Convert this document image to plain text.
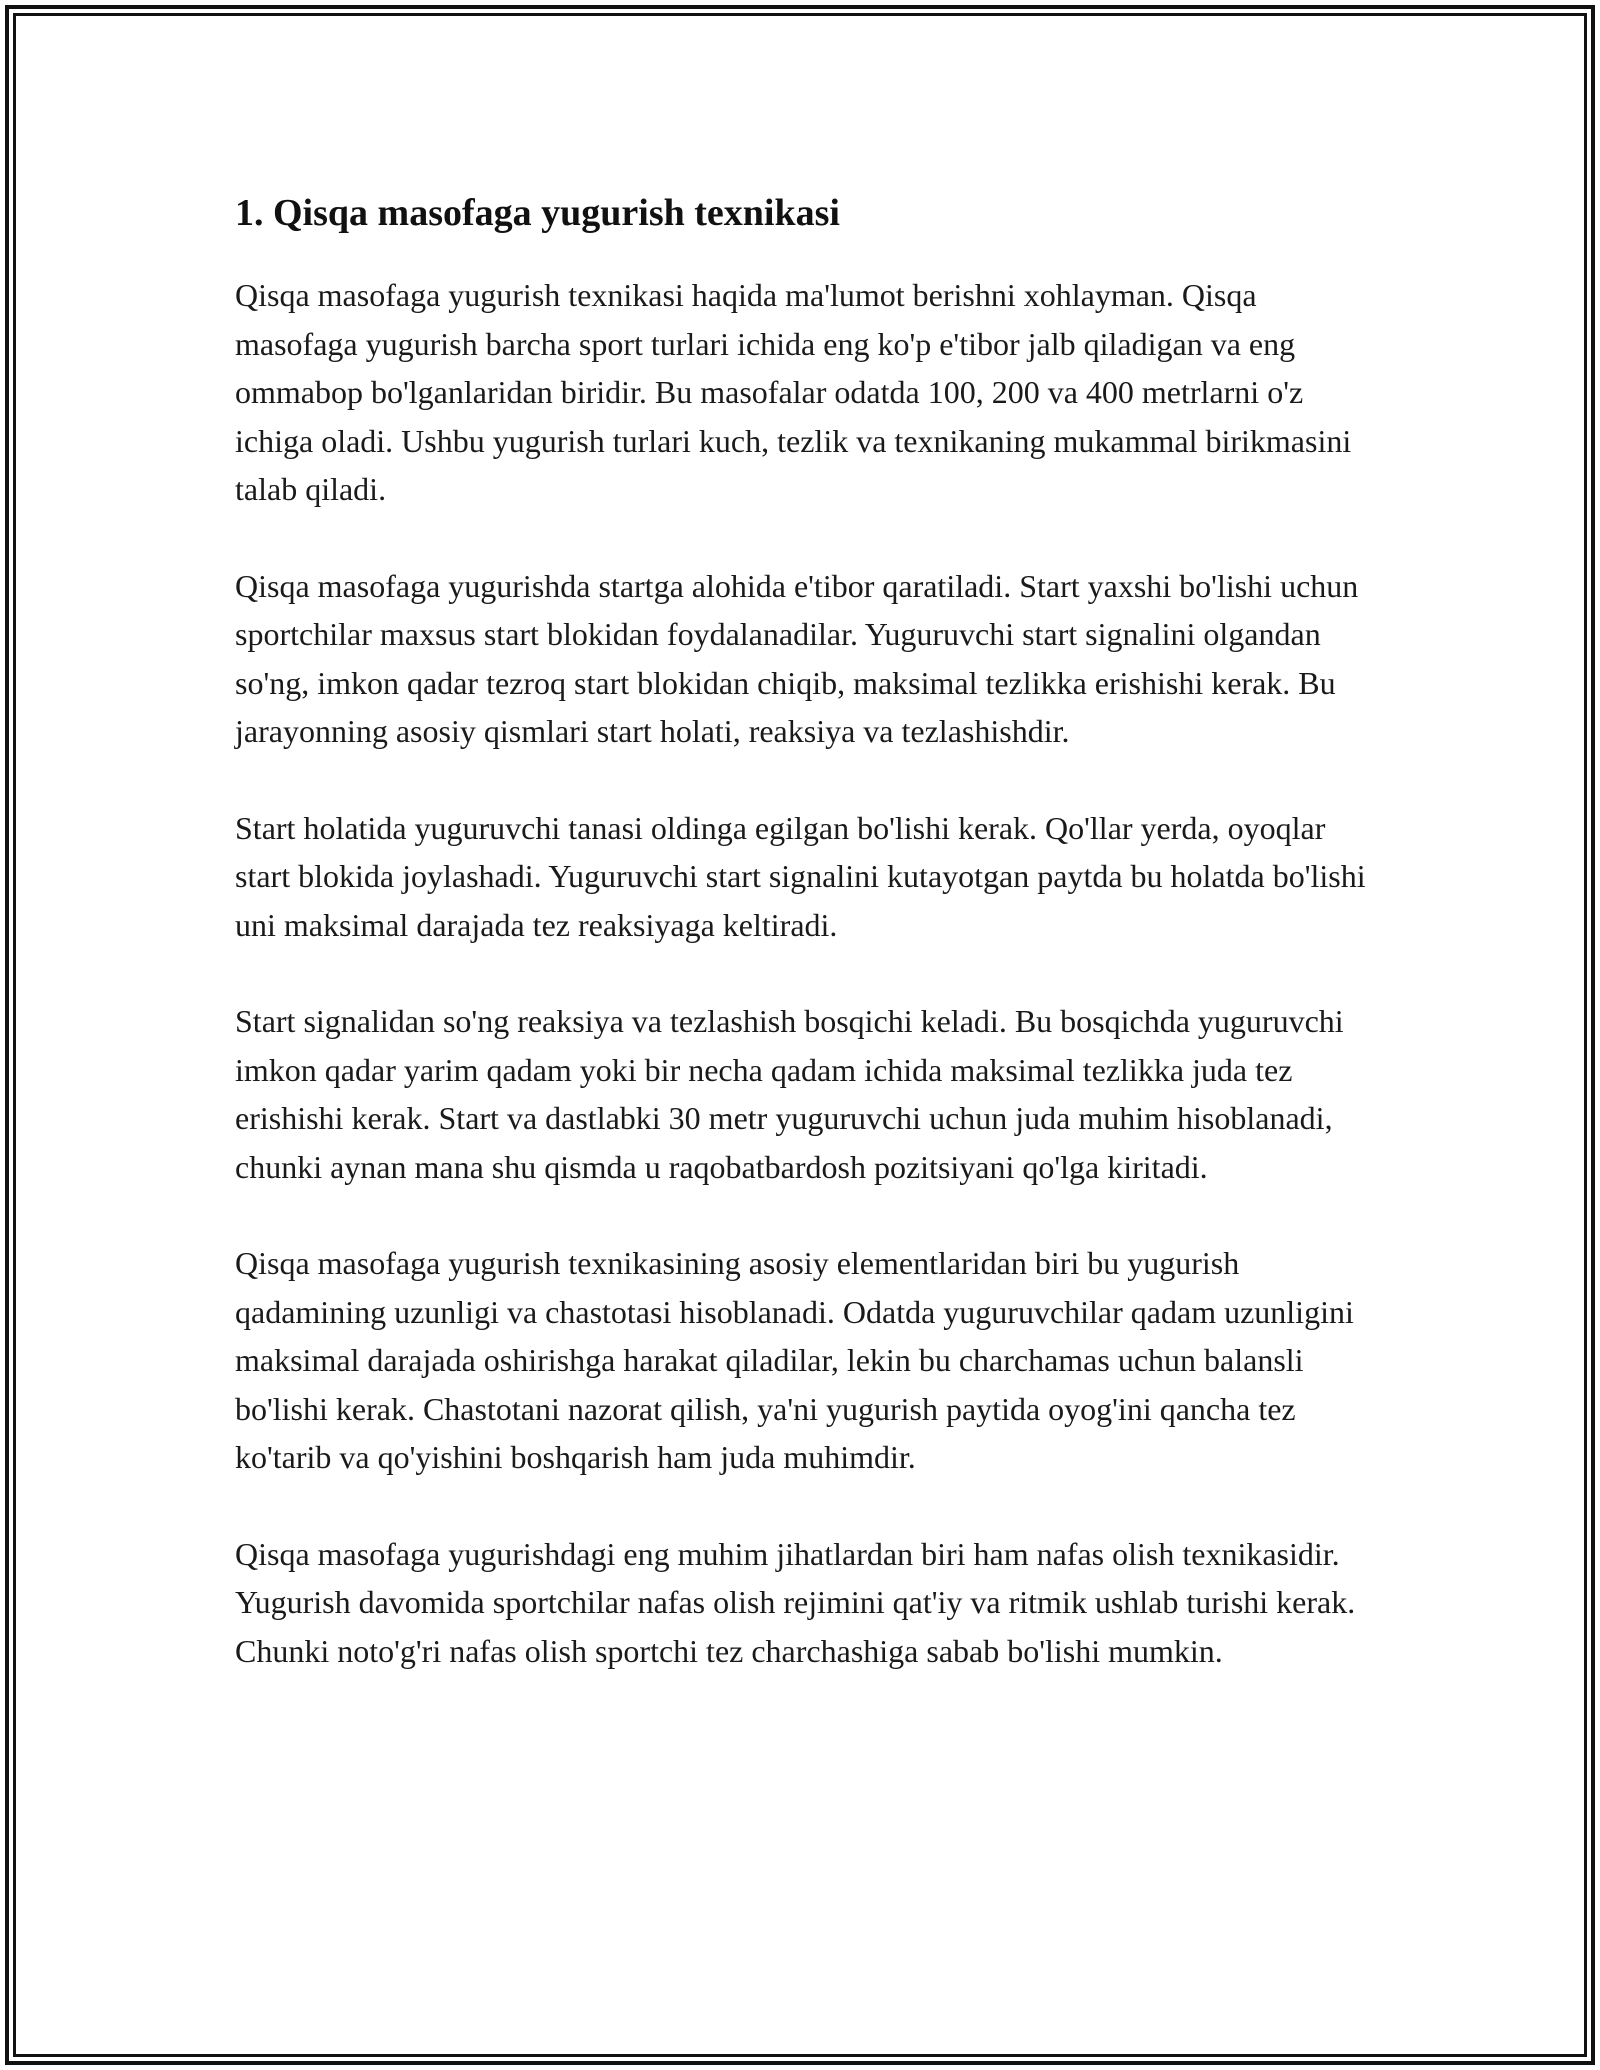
1. Qisqa masofaga yugurish texnikasi

Qisqa masofaga yugurish texnikasi haqida ma'lumot berishni xohlayman. Qisqa masofaga yugurish barcha sport turlari ichida eng ko'p e'tibor jalb qiladigan va eng ommabop bo'lganlaridan biridir. Bu masofalar odatda 100, 200 va 400 metrlarni o'z ichiga oladi. Ushbu yugurish turlari kuch, tezlik va texnikaning mukammal birikmasini talab qiladi.

Qisqa masofaga yugurishda startga alohida e'tibor qaratiladi. Start yaxshi bo'lishi uchun sportchilar maxsus start blokidan foydalanadilar. Yuguruvchi start signalini olgandan so'ng, imkon qadar tezroq start blokidan chiqib, maksimal tezlikka erishishi kerak. Bu jarayonning asosiy qismlari start holati, reaksiya va tezlashishdir.

Start holatida yuguruvchi tanasi oldinga egilgan bo'lishi kerak. Qo'llar yerda, oyoqlar start blokida joylashadi. Yuguruvchi start signalini kutayotgan paytda bu holatda bo'lishi uni maksimal darajada tez reaksiyaga keltiradi.

Start signalidan so'ng reaksiya va tezlashish bosqichi keladi. Bu bosqichda yuguruvchi imkon qadar yarim qadam yoki bir necha qadam ichida maksimal tezlikka juda tez erishishi kerak. Start va dastlabki 30 metr yuguruvchi uchun juda muhim hisoblanadi, chunki aynan mana shu qismda u raqobatbardosh pozitsiyani qo'lga kiritadi.

Qisqa masofaga yugurish texnikasining asosiy elementlaridan biri bu yugurish qadamining uzunligi va chastotasi hisoblanadi. Odatda yuguruvchilar qadam uzunligini maksimal darajada oshirishga harakat qiladilar, lekin bu charchamas uchun balansli bo'lishi kerak. Chastotani nazorat qilish, ya'ni yugurish paytida oyog'ini qancha tez ko'tarib va qo'yishini boshqarish ham juda muhimdir.

Qisqa masofaga yugurishdagi eng muhim jihatlardan biri ham nafas olish texnikasidir. Yugurish davomida sportchilar nafas olish rejimini qat'iy va ritmik ushlab turishi kerak. Chunki noto'g'ri nafas olish sportchi tez charchashiga sabab bo'lishi mumkin.
